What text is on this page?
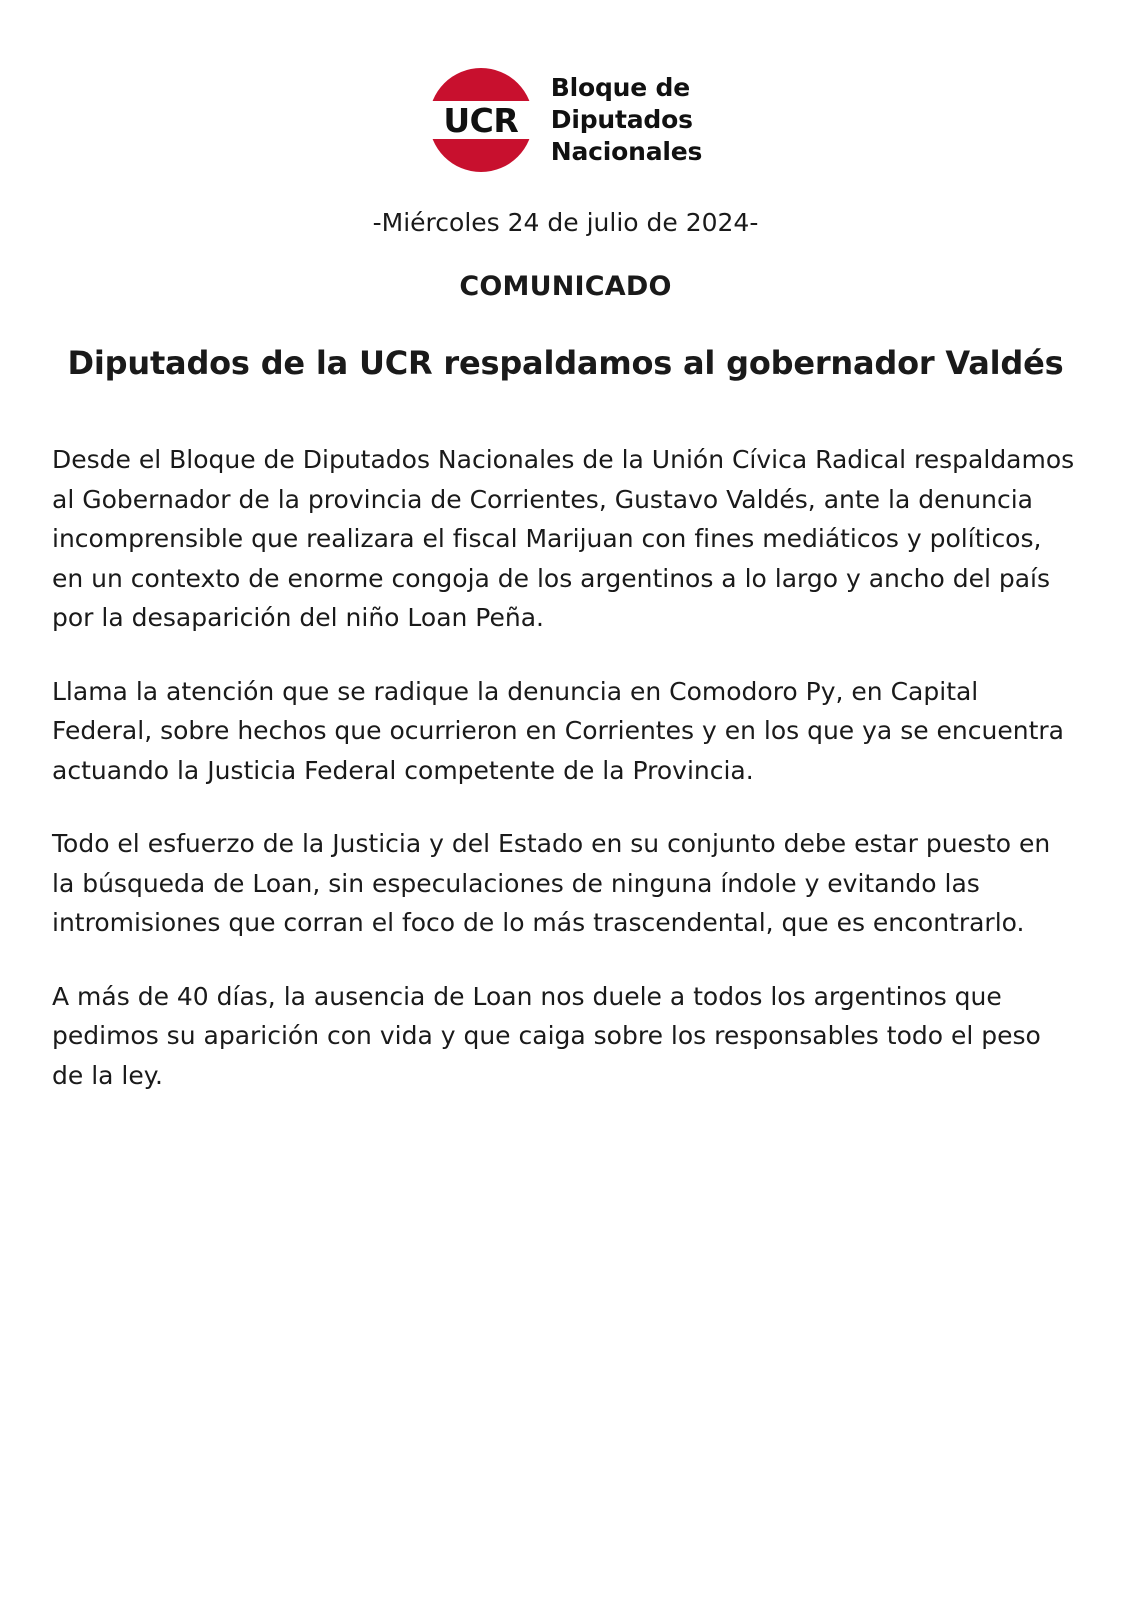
UCR
Bloque de
Diputados
Nacionales
-Miércoles 24 de julio de 2024-
COMUNICADO
Diputados de la UCR respaldamos al gobernador Valdés

Desde el Bloque de Diputados Nacionales de la Unión Cívica Radical respaldamos al Gobernador de la provincia de Corrientes, Gustavo Valdés, ante la denuncia incomprensible que realizara el fiscal Marijuan con fines mediáticos y políticos, en un contexto de enorme congoja de los argentinos a lo largo y ancho del país por la desaparición del niño Loan Peña.

Llama la atención que se radique la denuncia en Comodoro Py, en Capital Federal, sobre hechos que ocurrieron en Corrientes y en los que ya se encuentra actuando la Justicia Federal competente de la Provincia.

Todo el esfuerzo de la Justicia y del Estado en su conjunto debe estar puesto en la búsqueda de Loan, sin especulaciones de ninguna índole y evitando las intromisiones que corran el foco de lo más trascendental, que es encontrarlo.

A más de 40 días, la ausencia de Loan nos duele a todos los argentinos que pedimos su aparición con vida y que caiga sobre los responsables todo el peso de la ley.
